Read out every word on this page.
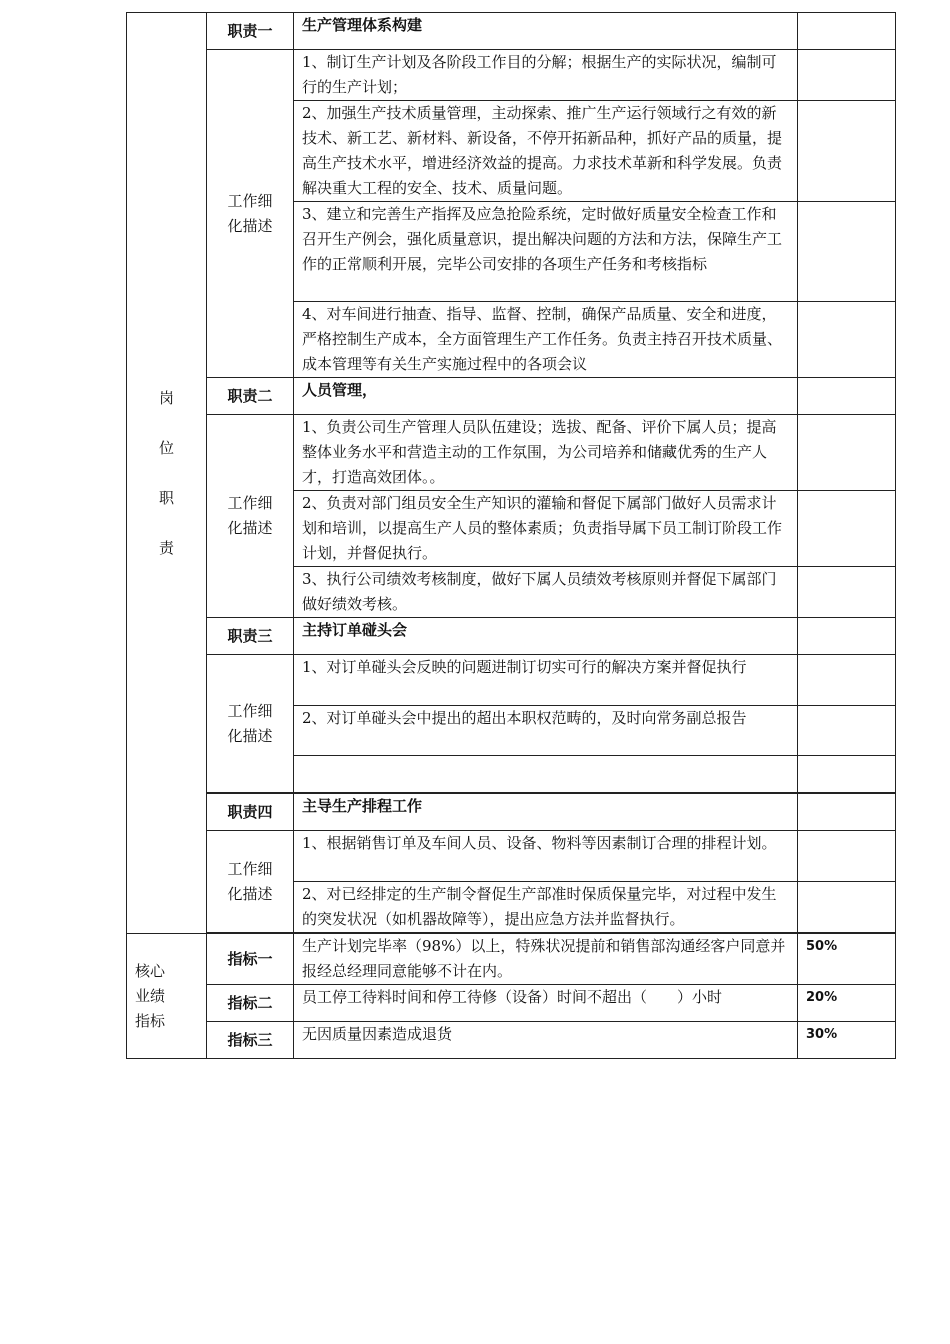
岗
位
职
责	职责一	生产管理体系构建	

	工作细
化描述	1、制订生产计划及各阶段工作目的分解；根据生产的实际状况，编制可行的生产计划；	

		2、加强生产技术质量管理，主动探索、推广生产运行领域行之有效的新技术、新工艺、新材料、新设备，不停开拓新品种，抓好产品的质量，提高生产技术水平，增进经济效益的提高。力求技术革新和科学发展。负责解决重大工程的安全、技术、质量问题。	

		3、建立和完善生产指挥及应急抢险系统，定时做好质量安全检查工作和召开生产例会，强化质量意识，提出解决问题的方法和方法，保障生产工作的正常顺利开展，完毕公司安排的各项生产任务和考核指标	

		4、对车间进行抽查、指导、监督、控制，确保产品质量、安全和进度，严格控制生产成本，全方面管理生产工作任务。负责主持召开技术质量、成本管理等有关生产实施过程中的各项会议	

	职责二	人员管理，	

	工作细
化描述	1、负责公司生产管理人员队伍建设；选拔、配备、评价下属人员；提高整体业务水平和营造主动的工作氛围，为公司培养和储藏优秀的生产人才，打造高效团体。。	

		2、负责对部门组员安全生产知识的灌输和督促下属部门做好人员需求计划和培训，以提高生产人员的整体素质；负责指导属下员工制订阶段工作计划，并督促执行。	

		3、执行公司绩效考核制度，做好下属人员绩效考核原则并督促下属部门做好绩效考核。	

	职责三	主持订单碰头会	

	工作细
化描述	1、对订单碰头会反映的问题进制订切实可行的解决方案并督促执行	

		2、对订单碰头会中提出的超出本职权范畴的，及时向常务副总报告	

	职责四	主导生产排程工作	

	工作细
化描述	1、根据销售订单及车间人员、设备、物料等因素制订合理的排程计划。	

		2、对已经排定的生产制令督促生产部准时保质保量完毕，对过程中发生的突发状况（如机器故障等），提出应急方法并监督执行。	

核心
业绩
指标	指标一	生产计划完毕率（98%）以上，特殊状况提前和销售部沟通经客户同意并报经总经理同意能够不计在内。	50%

	指标二	员工停工待料时间和停工待修（设备）时间不超出（　　）小时	20%

	指标三	无因质量因素造成退货	30%
